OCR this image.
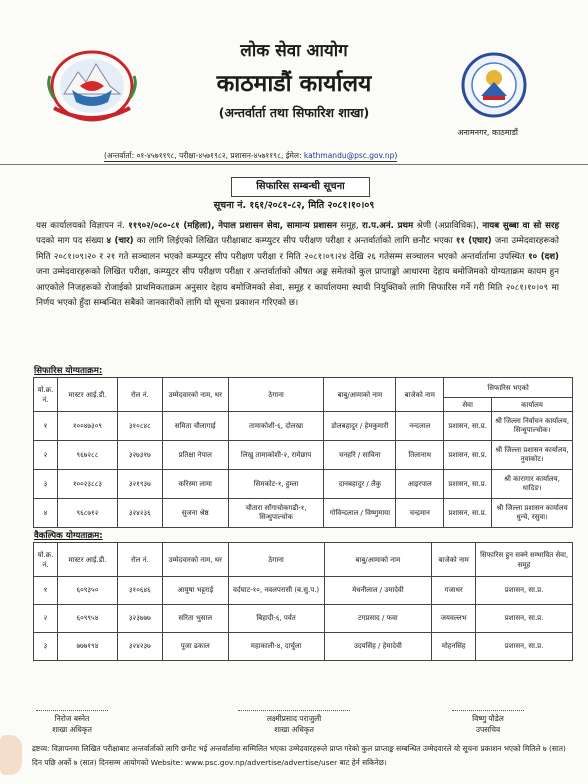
लोक सेवा आयोग
काठमाडौं कार्यालय
(अन्तर्वार्ता तथा सिफारिश शाखा)
अनामनगर, काठमाडौं
(अन्तर्वार्ता: ०१-४५७११९८, परीक्षा-४५७१९८२, प्रशासन-४५७११९८, ईमेल: kathmandu@psc.gov.np)
सिफारिस सम्बन्धी सूचना
सूचना नं. १६१/२०८१-८२, मिति २०८१।१०।०९
यस कार्यालयको विज्ञापन नं. ११९०२/०८०-८१ (महिला), नेपाल प्रशासन सेवा, सामान्य प्रशासन समूह, रा.प.अनं. प्रथम श्रेणी (अप्राविधिक), नायब सुब्बा वा सो सरह पदको माग पद संख्या ४ (चार) का लागि लिईएको लिखित परीक्षाबाट कम्प्युटर सीप परीक्षण परीक्षा र अन्तर्वार्ताको लागि छनौट भएका ११ (एघार) जना उम्मेदवारहरूको मिति २०८१।०९।२० र २१ गते सञ्चालन भएको कम्प्युटर सीप परीक्षण परीक्षा र मिति २०८१।०९।२४ देखि २६ गतेसम्म सञ्चालन भएको अन्तर्वार्तामा उपस्थित १० (दश) जना उम्मेदवारहरूको लिखित परीक्षा, कम्प्युटर सीप परीक्षण परीक्षा र अन्तर्वार्ताको औषत अङ्क समेतको कुल प्राप्ताङ्को आधारमा देहाय बमोजिमको योग्यताक्रम कायम हुन आएकोले निजहरूको रोजाईको प्राथमिकताक्रम अनुसार देहाय बमोजिमको सेवा, समूह र कार्यालयमा स्थायी नियुक्तिको लागि सिफारिस गर्ने गरी मिति २०८१।१०।०९ मा निर्णय भएको हुँदा सम्बन्धित सबैको जानकारीको लागि यो सूचना प्रकाशन गरिएको छ।
सिफारिस योग्यताक्रम:
यो.क्र. नं.	मास्टर आई.डी.	रोल नं.	उम्मेदवारको नाम, थर	ठेगाना	बाबु/आमाको नाम	बाजेको नाम	सिफारिस भएको	
							सेवा	कार्यालय
१	१००४७३०९	३१०८४८	समिता चौलागाई	तामाकोशी-६, दोलखा	डोलबहादुर / हेमकुमारी	नन्दलाल	प्रशासन, सा.प्र.	श्री जिल्ला निर्वाचन कार्यालय, सिन्धुपाल्चोक।
२	९६७२८८	३२७३१७	प्रतिक्षा नेपाल	लिखु तामाकोशी-२, रामेछाप	घनहरि / साविना	तिलानाथ	प्रशासन, सा.प्र.	श्री जिल्ला प्रशासन कार्यालय, नुवाकोट।
३	१००२३८८३	३२१९३७	करिस्मा लामा	सिमकोट-१, हुम्ला	दानबहादुर / लैकु	आइरपाल	प्रशासन, सा.प्र.	श्री कारागार कार्यालय, धादिङ।
४	९६८७१२	३२४२३६	सुजना श्रेष्ठ	चौतारा साँगाचोकगढी-१, सिन्धुपाल्चोक	गोविन्दलाल / विष्णुमाया	चन्द्रमान	प्रशासन, सा.प्र.	श्री जिल्ला प्रशासन कार्यालय धुन्चे, रसुवा।
वैकल्पिक योग्यताक्रम:
यो.क्र. नं.	मास्टर आई.डी.	रोल नं.	उम्मेदवारको नाम, थर	ठेगाना	बाबु/आमाको नाम	बाजेको नाम	सिफारिस हुन सक्ने सम्भावित सेवा, समूह
१	६०९३५०	३१०६४६	आयुषा भट्टराई	वर्दघाट-१०, नवलपरासी (ब.सु.प.)	मेधनीलाल / उमादेवी	गजाधर	प्रशासन, सा.प्र.
२	६०९९५४	३२३७७७	सरिता भुसाल	बिहादी-६, पर्वत	टगप्रसाद / फवा	जयवल्लभ	प्रशासन, सा.प्र.
३	७७७१९४	३२४२३७	पूजा ढकाल	महाकाली-४, दार्चुला	उदयसिंह / हेमादेवी	मोहनसिंह	प्रशासन, सा.प्र.
निरोज बस्नेत
शाखा अधिकृत
लक्ष्मीप्रसाद पराजुली
शाखा अधिकृत
विष्णु पौडेल
उपसचिव
द्रष्टव्य: विज्ञापनमा लिखित परीक्षाबाट अन्तर्वार्ताको लागि छनौट भई अन्तर्वार्तामा सम्मिलित भएका उम्मेदवारहरूले प्राप्त गरेको कुल प्राप्ताङ्क सम्बन्धित उम्मेदवारले यो सूचना प्रकाशन भएको मितिले ७ (सात) दिन पछि अर्को ७ (सात) दिनसम्म आयोगको Website: www.psc.gov.np/advertise/advertise/user बाट हेर्न सकिनेछ।
